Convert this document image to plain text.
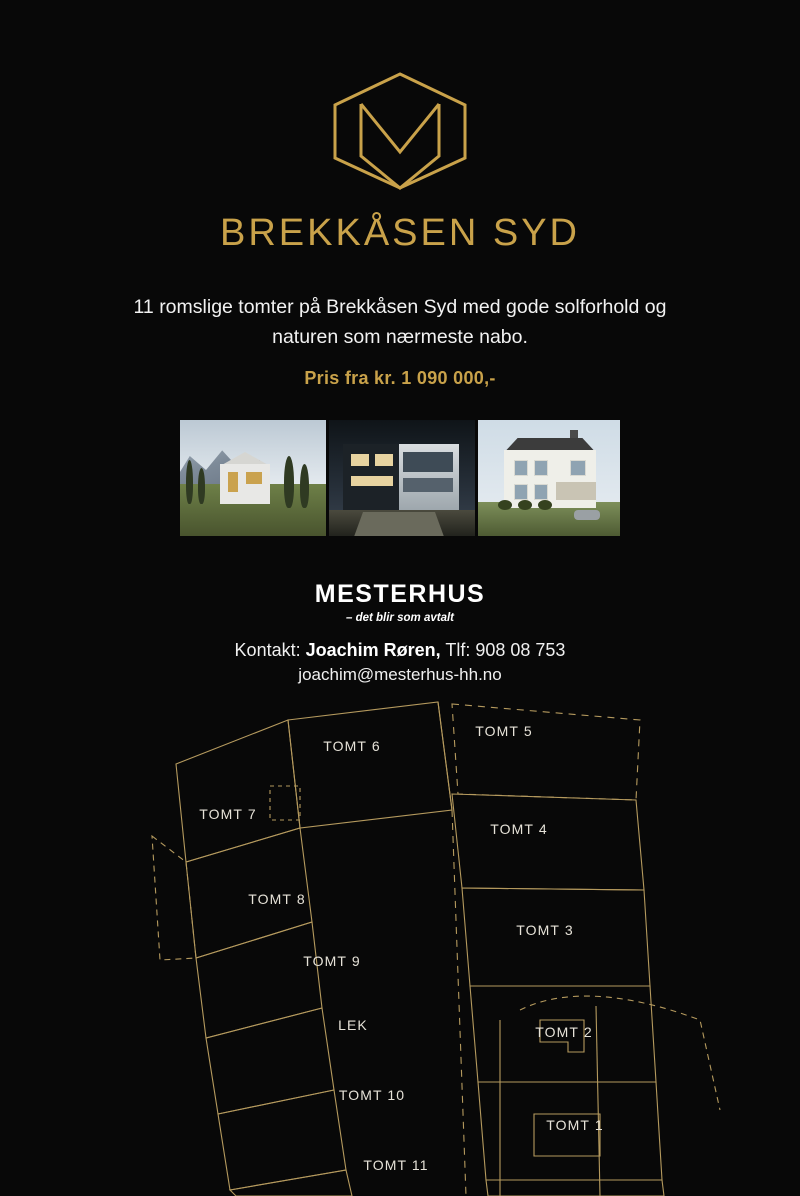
BREKKÅSEN SYD
11 romslige tomter på Brekkåsen Syd med gode solforhold og naturen som nærmeste nabo.
Pris fra kr. 1 090 000,-
MESTERHUS
– det blir som avtalt
Kontakt: Joachim Røren, Tlf: 908 08 753
joachim@mesterhus-hh.no
TOMT 5
TOMT 6
TOMT 7
TOMT 4
TOMT 8
TOMT 3
TOMT 9
LEK	TOMT 2
TOMT 10
TOMT 1
TOMT 11
